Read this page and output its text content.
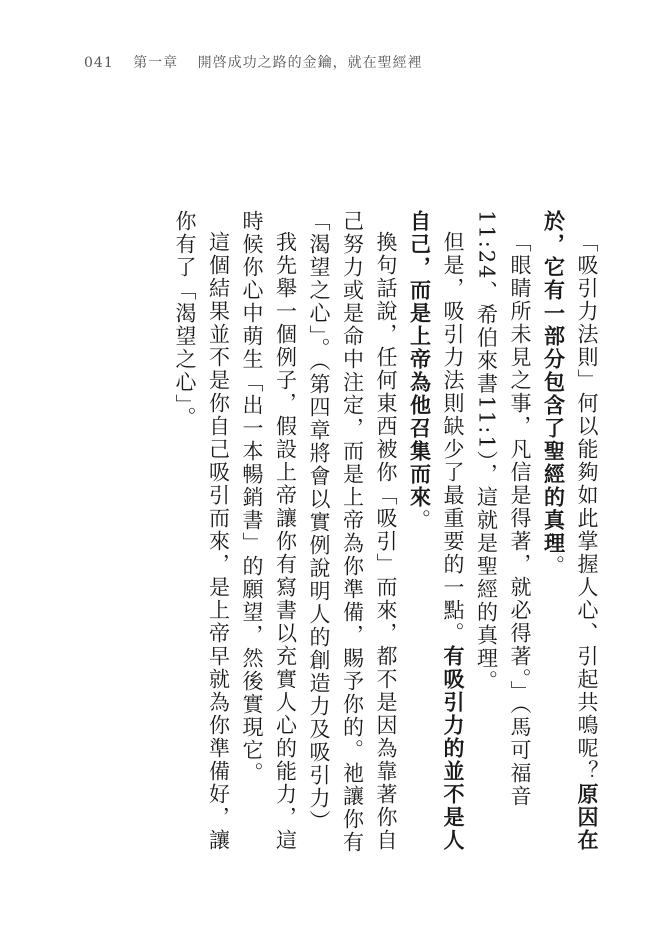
041 第一章 開啓成功之路的金鑰，就在聖經裡

「吸引力法則」何以能夠如此掌握人心、引起共鳴呢？原因在於，它有一部分包含了聖經的真理。

「眼睛所未見之事，凡信是得著，就必得著。」（馬可福音11:24、希伯來書11:1），這就是聖經的真理。

但是，吸引力法則缺少了最重要的一點。有吸引力的並不是人自己，而是上帝為他召集而來。

換句話說，任何東西被你「吸引」而來，都不是因為靠著你自己努力或是命中注定，而是上帝為你準備，賜予你的。祂讓你有「渴望之心」。（第四章將會以實例說明人的創造力及吸引力）

我先舉一個例子，假設上帝讓你有寫書以充實人心的能力，這時候你心中萌生「出一本暢銷書」的願望，然後實現它。

這個結果並不是你自己吸引而來，是上帝早就為你準備好，讓你有了「渴望之心」。
